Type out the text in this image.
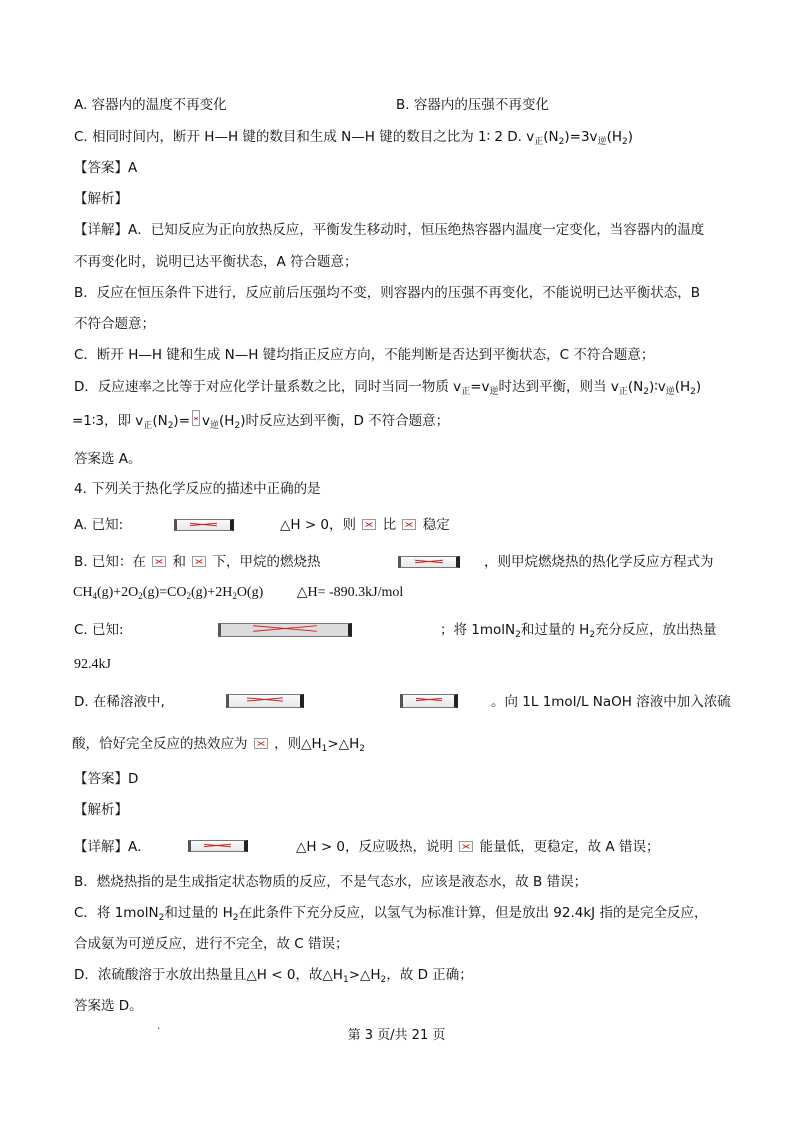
A. 容器内的温度不再变化	B. 容器内的压强不再变化
C. 相同时间内，断开 H—H 键的数目和生成 N—H 键的数目之比为 1∶ 2 D. $v_正(N_2)=3v_逆(H_2)$
【答案】A
【解析】
【详解】A．已知反应为正向放热反应，平衡发生移动时，恒压绝热容器内温度一定变化，当容器内的温度
不再变化时，说明已达平衡状态，A 符合题意；
B．反应在恒压条件下进行，反应前后压强均不变，则容器内的压强不再变化，不能说明已达平衡状态，B
不符合题意；
C．断开 H—H 键和生成 N—H 键均指正反应方向，不能判断是否达到平衡状态，C 不符合题意；
D．反应速率之比等于对应化学计量系数之比，同时当同一物质 $v_正=v_逆$时达到平衡，则当 $v_正(N_2)∶v_逆(H_2)$
=1∶3，即 $v_正(N_2)= v_逆(H_2)$时反应达到平衡，D 不符合题意；
答案选 A。
4. 下列关于热化学反应的描述中正确的是
A. 已知:	△H > 0，则 比 稳定
B. 已知：在 和 下，甲烷的燃烧热	，则甲烷燃烧热的热化学反应方程式为
$CH_4(g)+2O_2(g)=CO_2(g)+2H_2O(g)$ △H= -890.3kJ/mol
C. 已知:	；将 1molN$_2$和过量的 $H_2$充分反应，放出热量
92.4kJ
D. 在稀溶液中,	。向 1L 1mol/L NaOH 溶液中加入浓硫
酸，恰好完全反应的热效应为 ，则$\triangle H_1>\triangle H_2$
【答案】D
【解析】
【详解】A．	△H > 0，反应吸热，说明 能量低，更稳定，故 A 错误；
B．燃烧热指的是生成指定状态物质的反应，不是气态水，应该是液态水，故 B 错误；
C．将 1molN$_2$和过量的 $H_2$在此条件下充分反应，以氢气为标准计算，但是放出 92.4kJ 指的是完全反应，
合成氨为可逆反应，进行不完全，故 C 错误；
D．浓硫酸溶于水放出热量且△H < 0，故$\triangle H_1>\triangle H_2$，故 D 正确；
答案选 D。
·	第 3 页/共 21 页
